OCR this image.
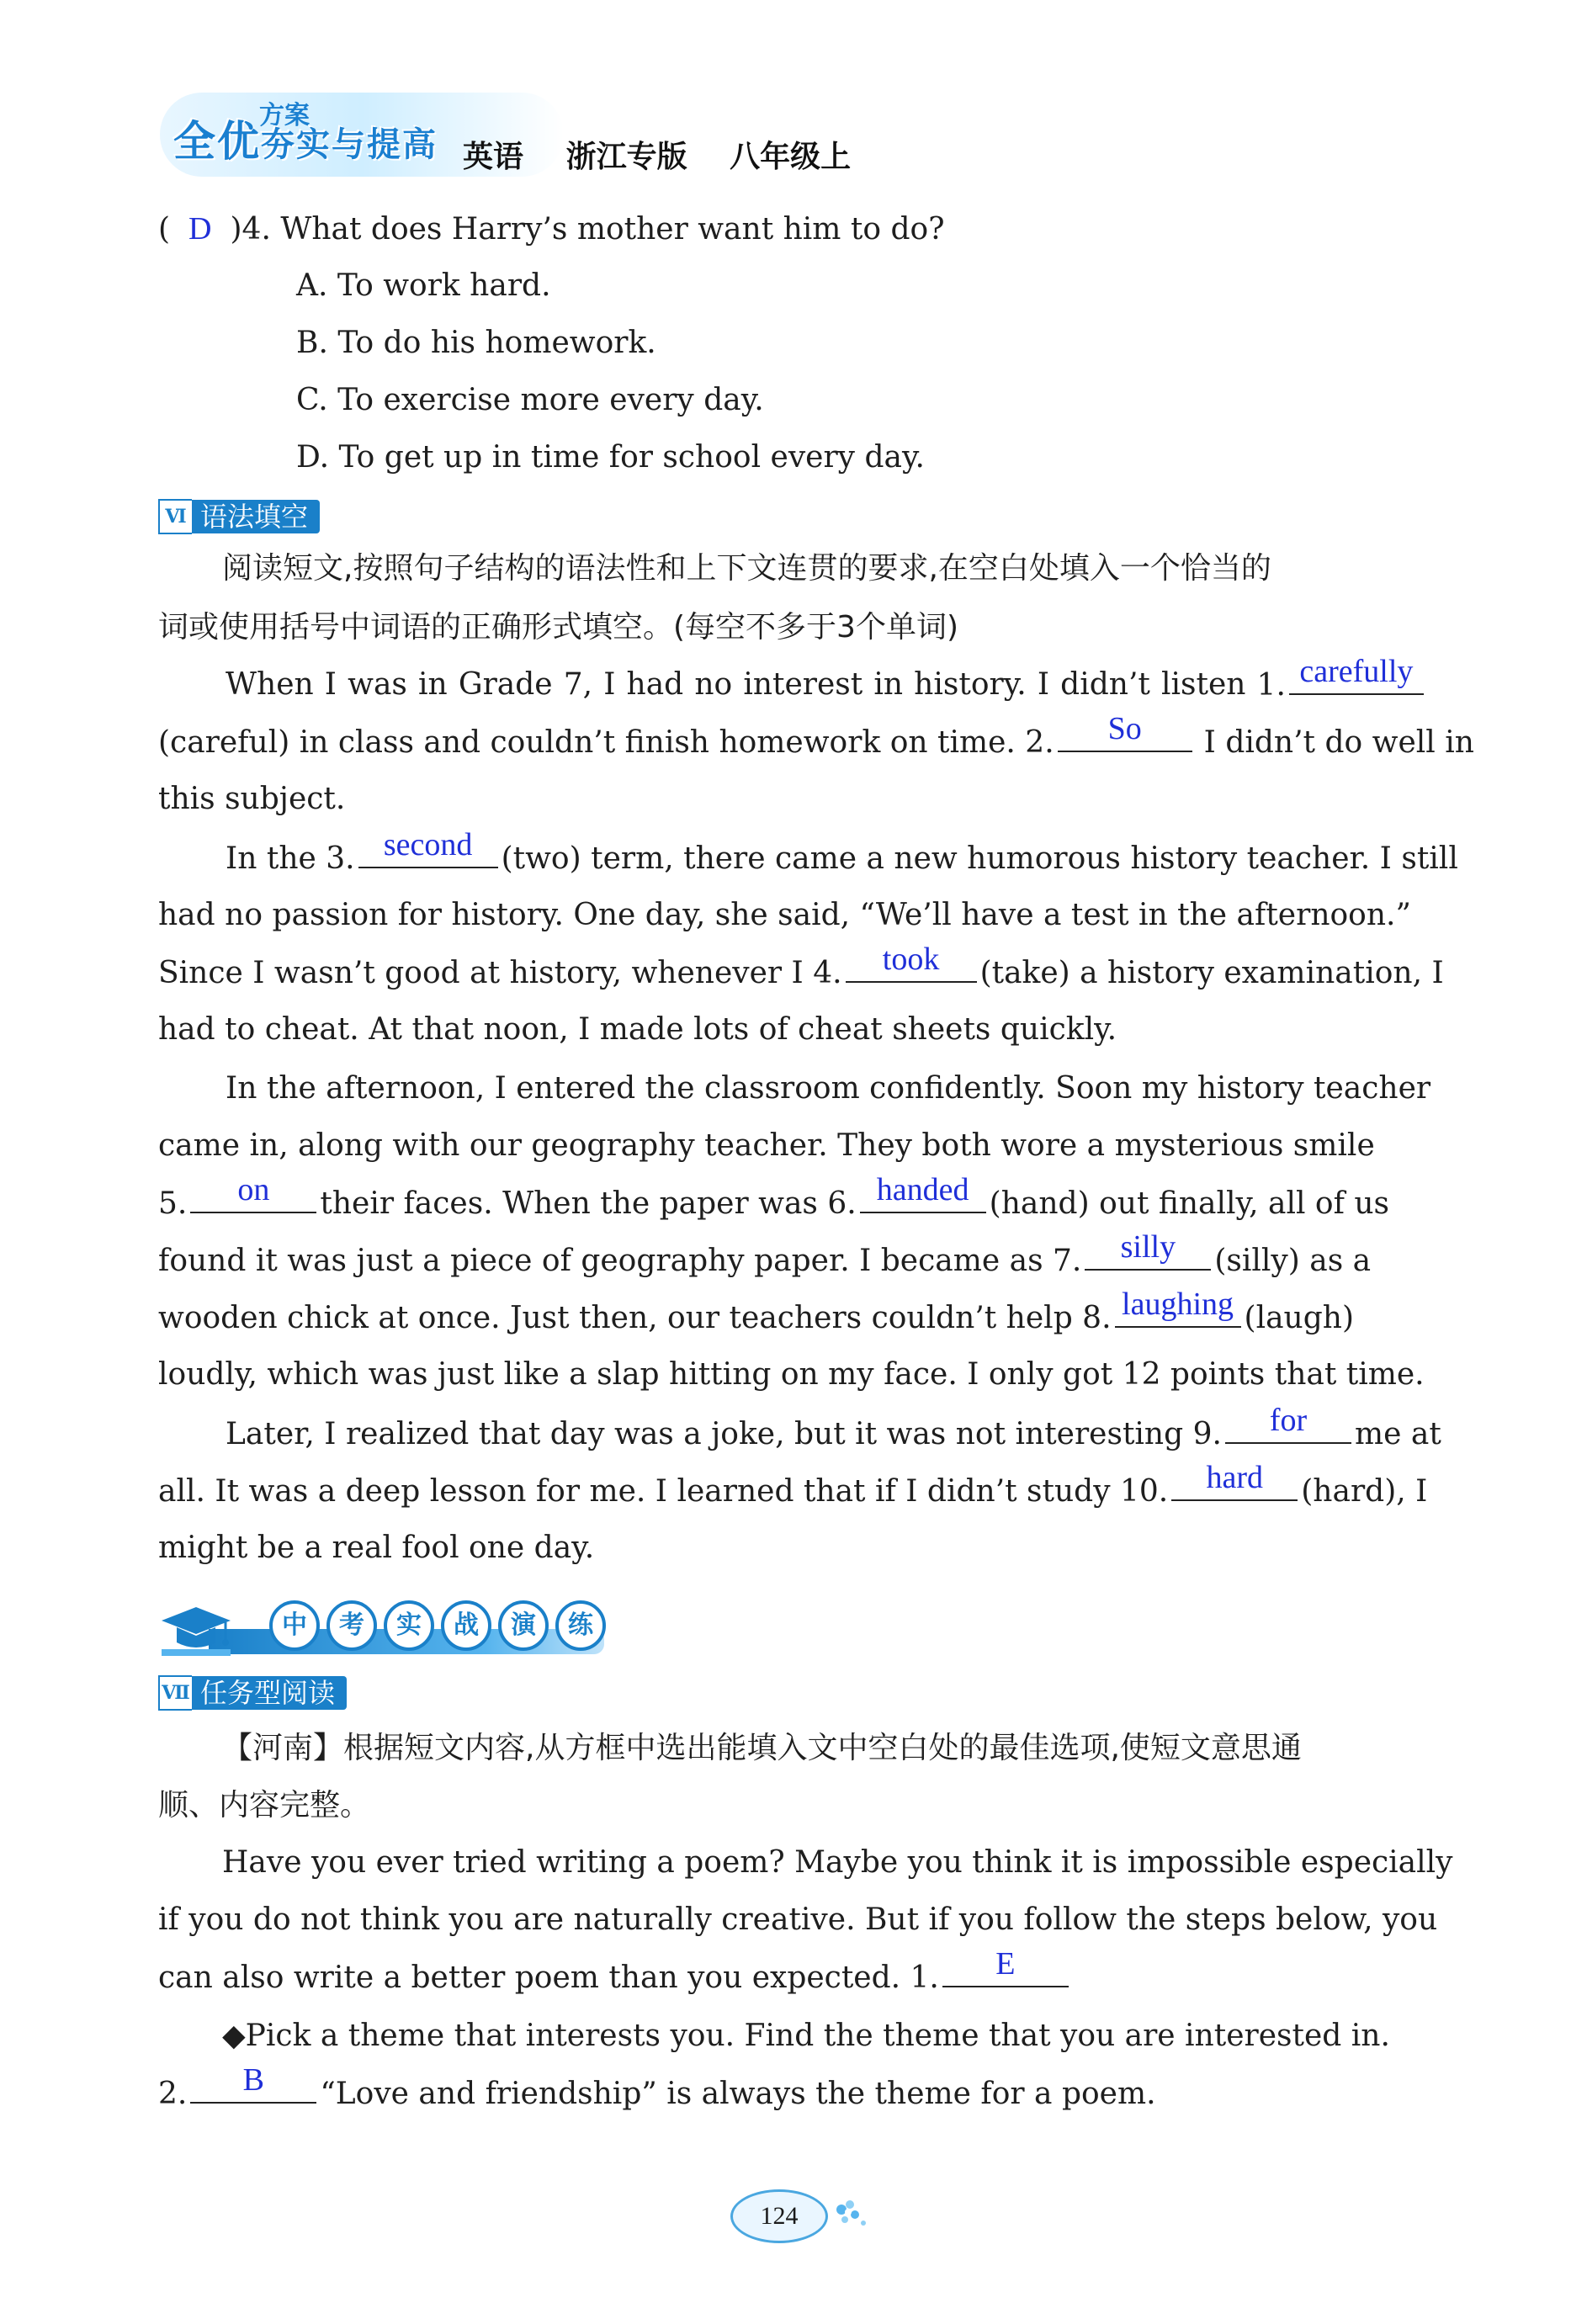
方案
全优夯实与提高 英语 浙江专版 八年级上
( D )4. What does Harry’s mother want him to do?
A. To work hard.
B. To do his homework.
C. To exercise more every day.
D. To get up in time for school every day.
Ⅵ 语法填空
阅读短文,按照句子结构的语法性和上下文连贯的要求,在空白处填入一个恰当的
词或使用括号中词语的正确形式填空。(每空不多于3个单词)
When I was in Grade 7, I had no interest in history. I didn’t listen 1. carefully
(careful) in class and couldn’t finish homework on time. 2.	So	I didn’t do well in
this subject.
In the 3. second (two) term, there came a new humorous history teacher. I still
had no passion for history. One day, she said, “We’ll have a test in the afternoon.”
Since I wasn’t good at history, whenever I 4.	took	(take) a history examination, I
had to cheat. At that noon, I made lots of cheat sheets quickly.
In the afternoon, I entered the classroom confidently. Soon my history teacher
came in, along with our geography teacher. They both wore a mysterious smile
5.	on	their faces. When the paper was 6. handed (hand) out finally, all of us
found it was just a piece of geography paper. I became as 7.	silly	(silly) as a
wooden chick at once. Just then, our teachers couldn’t help 8. laughing (laugh)
loudly, which was just like a slap hitting on my face. I only got 12 points that time.
Later, I realized that day was a joke, but it was not interesting 9.	for	me at
all. It was a deep lesson for me. I learned that if I didn’t study 10.	hard	(hard), I
might be a real fool one day.
中	考	实	战	演	练
Ⅶ 任务型阅读
【河南】根据短文内容,从方框中选出能填入文中空白处的最佳选项,使短文意思通
顺、内容完整。
Have you ever tried writing a poem? Maybe you think it is impossible especially
if you do not think you are naturally creative. But if you follow the steps below, you
can also write a better poem than you expected. 1.	E
◆Pick a theme that interests you. Find the theme that you are interested in.
2.	B	“Love and friendship” is always the theme for a poem.
124
